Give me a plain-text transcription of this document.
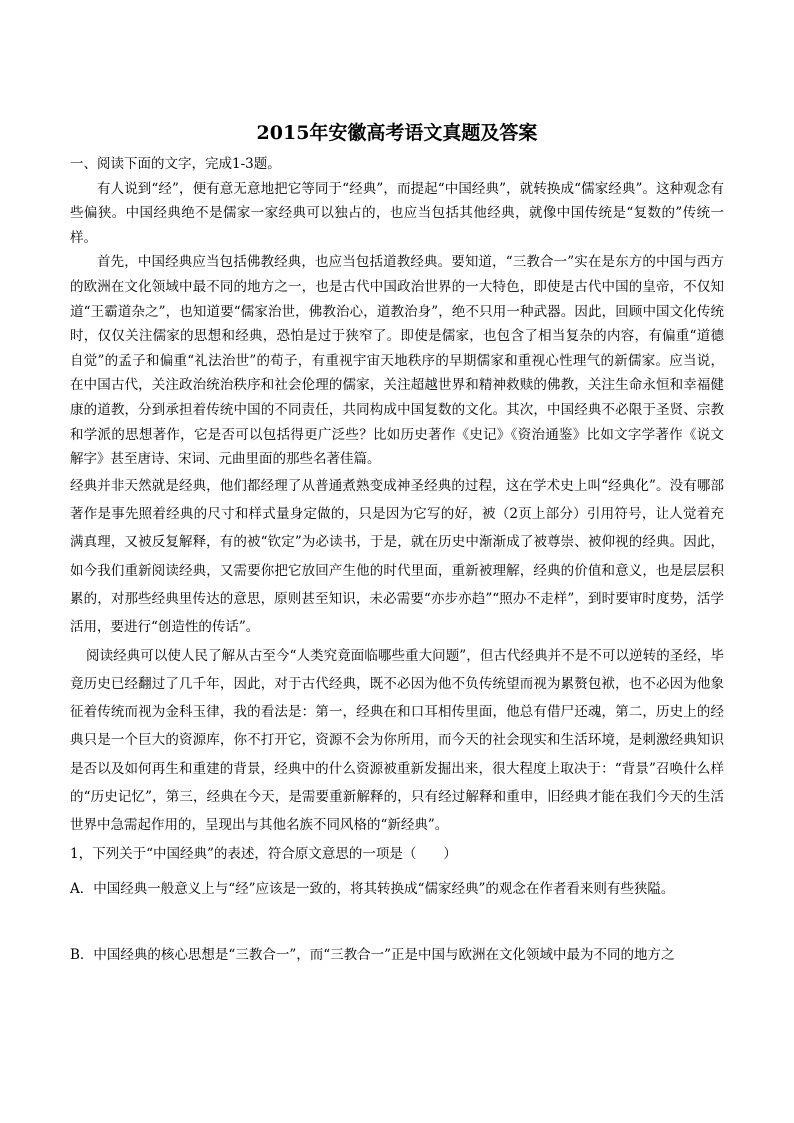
2015年安徽高考语文真题及答案

一、阅读下面的文字，完成1-3题。

有人说到“经”，便有意无意地把它等同于“经典”，而提起“中国经典”，就转换成“儒家经典”。这种观念有些偏狭。中国经典绝不是儒家一家经典可以独占的，也应当包括其他经典，就像中国传统是“复数的”传统一样。

首先，中国经典应当包括佛教经典，也应当包括道教经典。要知道，“三教合一”实在是东方的中国与西方的欧洲在文化领域中最不同的地方之一，也是古代中国政治世界的一大特色，即使是古代中国的皇帝，不仅知道“王霸道杂之”，也知道要“儒家治世，佛教治心，道教治身”，绝不只用一种武器。因此，回顾中国文化传统时，仅仅关注儒家的思想和经典，恐怕是过于狭窄了。即使是儒家，也包含了相当复杂的内容，有偏重“道德自觉”的孟子和偏重“礼法治世”的荀子，有重视宇宙天地秩序的早期儒家和重视心性理气的新儒家。应当说，在中国古代，关注政治统治秩序和社会伦理的儒家，关注超越世界和精神救赎的佛教，关注生命永恒和幸福健康的道教，分到承担着传统中国的不同责任，共同构成中国复数的文化。其次，中国经典不必限于圣贤、宗教和学派的思想著作，它是否可以包括得更广泛些？比如历史著作《史记》《资治通鉴》比如文字学著作《说文解字》甚至唐诗、宋词、元曲里面的那些名著佳篇。

经典并非天然就是经典，他们都经理了从普通煮熟变成神圣经典的过程，这在学术史上叫“经典化”。没有哪部著作是事先照着经典的尺寸和样式量身定做的，只是因为它写的好，被（2页上部分）引用符号，让人觉着充满真理，又被反复解释，有的被“钦定”为必读书，于是，就在历史中渐渐成了被尊崇、被仰视的经典。因此，如今我们重新阅读经典，又需要你把它放回产生他的时代里面，重新被理解，经典的价值和意义，也是层层积累的，对那些经典里传达的意思，原则甚至知识，未必需要“亦步亦趋”“照办不走样”，到时要审时度势，活学活用，要进行“创造性的传话”。

阅读经典可以使人民了解从古至今“人类究竟面临哪些重大问题”，但古代经典并不是不可以逆转的圣经，毕竟历史已经翻过了几千年，因此，对于古代经典，既不必因为他不负传统望而视为累赘包袱，也不必因为他象征着传统而视为金科玉律，我的看法是：第一，经典在和口耳相传里面，他总有借尸还魂，第二，历史上的经典只是一个巨大的资源库，你不打开它，资源不会为你所用，而今天的社会现实和生活环境，是刺激经典知识是否以及如何再生和重建的背景，经典中的什么资源被重新发掘出来，很大程度上取决于：“背景”召唤什么样的“历史记忆”，第三，经典在今天，是需要重新解释的，只有经过解释和重申，旧经典才能在我们今天的生活世界中急需起作用的，呈现出与其他名族不同风格的“新经典”。

1，下列关于“中国经典”的表述，符合原文意思的一项是（　　）

A．中国经典一般意义上与“经”应该是一致的，将其转换成“儒家经典”的观念在作者看来则有些狭隘。

B．中国经典的核心思想是“三教合一”，而“三教合一”正是中国与欧洲在文化领域中最为不同的地方之
